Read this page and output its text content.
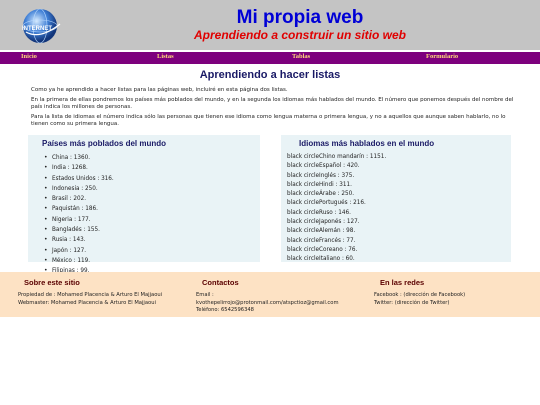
INTERNET
Mi propia web
Aprendiendo a construir un sitio web
Inicio	Listas	Tablas	Formulario
Aprendiendo a hacer listas

Como ya he aprendido a hacer listas para las páginas web, incluiré en esta página dos listas.

En la primera de ellas pondremos los países más poblados del mundo, y en la segunda los idiomas más hablados del mundo. El número que ponemos después del nombre del país indica los millones de personas.

Para la lista de idiomas el número indica sólo las personas que tienen ese idioma como lengua materna o primera lengua, y no a aquellos que aunque saben hablarlo, no lo tienen como su primera lengua.

Países más poblados del mundo
• China : 1360.
• India : 1268.
• Estados Unidos : 316.
• Indonesia : 250.
• Brasil : 202.
• Paquistán : 186.
• Nigeria : 177.
• Bangladés : 155.
• Rusia : 143.
• Japón : 127.
• México : 119.
•
Idiomas más hablados en el mundo
black circleChino mandarín : 1151.
black circleEspañol : 420.
black circleInglés : 375.
black circleHindi : 311.
black circleÁrabe : 250.
black circlePortugués : 216.
black circleRuso : 146.
black circleJaponés : 127.
black circleAlemán : 98.
black circleFrancés : 77.
black circleCoreano : 76.
black circleItaliano : 60.
Sobre este sitio
Propiedad de : Mohamed Placencia & Arturo El Majjaoui
Webmaster: Mohamed Placencia & Arturo El Majjaoui
Contactos
Email :
kvothepelirrojo@protonmail.com/atspctioz@gmail.com
Teléfono: 6542596348
En las redes
Facebook : (dirección de Facebook)
Twitter: (dirección de Twitter)
